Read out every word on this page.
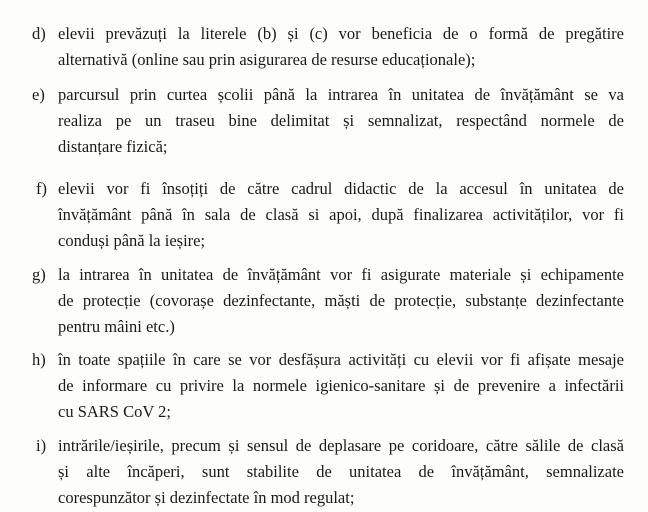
d) elevii prevăzuți la literele (b) și (c) vor beneficia de o formă de pregătire
alternativă (online sau prin asigurarea de resurse educaționale);
e) parcursul prin curtea școlii până la intrarea în unitatea de învățământ se va
realiza pe un traseu bine delimitat și semnalizat, respectând normele de
distanțare fizică;
f) elevii vor fi însoțiți de către cadrul didactic de la accesul în unitatea de
învățământ până în sala de clasă si apoi, după finalizarea activităților, vor fi
conduși până la ieșire;
g) la intrarea în unitatea de învățământ vor fi asigurate materiale și echipamente
de protecție (covorașe dezinfectante, măști de protecție, substanțe dezinfectante
pentru mâini etc.)
h) în toate spațiile în care se vor desfășura activități cu elevii vor fi afișate mesaje
de informare cu privire la normele igienico-sanitare și de prevenire a infectării
cu SARS CoV 2;
i) intrările/ieșirile, precum și sensul de deplasare pe coridoare, către sălile de clasă
și alte încăperi, sunt stabilite de unitatea de învățământ, semnalizate
corespunzător și dezinfectate în mod regulat;
